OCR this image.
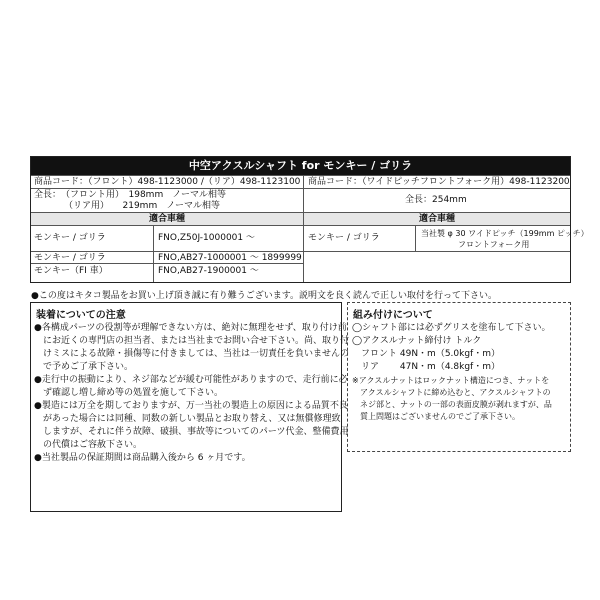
中空アクスルシャフト for モンキー / ゴリラ
商品コード：（フロント）498-1123000 /（リア）498-1123100 商品コード：（ワイドピッチフロントフォーク用）498-1123200
全長：　（フロント用）　198mm　ノーマル相等
（リア用）　　219mm　ノーマル相等
全長：254mm
適合車種	適合車種
モンキー / ゴリラ	FNO,Z50J-1000001 〜
モンキー / ゴリラ	FNO,AB27-1000001 〜 1899999
モンキー（FI 車）	FNO,AB27-1900001 〜
モンキー / ゴリラ	当社製 φ 30 ワイドピッチ（199mm ピッチ）
フロントフォーク用
●この度はキタコ製品をお買い上げ頂き誠に有り難うございます。説明文を良く読んで正しい取付を行って下さい。
装着についての注意
●各構成パーツの役割等が理解できない方は、絶対に無理をせず、取り付け前
　にお近くの専門店の担当者、または当社までお問い合せ下さい。尚、取り付
　けミスによる故障・損傷等に付きましては、当社は一切責任を負いませんの
　で予めご了承下さい。
●走行中の振動により、ネジ部などが緩む可能性がありますので、走行前に必
　ず確認し増し締め等の処置を施して下さい。
●製造には万全を期しておりますが、万一当社の製造上の原因による品質不良
　があった場合には同種、同数の新しい製品とお取り替え、又は無償修理致
　しますが、それに伴う故障、破損、事故等についてのパーツ代金、整備費用
　の代償はご容赦下さい。
●当社製品の保証期間は商品購入後から 6 ヶ月です。
組み付けについて
◯シャフト部には必ずグリスを塗布して下さい。
◯アクスルナット締付け トルク
　フロント 49N・m（5.0kgf・m）
　リア　　 47N・m（4.8kgf・m）
※アクスルナットはロックナット構造につき、ナットを
　アクスルシャフトに締め込むと、アクスルシャフトの
　ネジ部と、ナットの一部の表面皮膜が剥れますが、品
　質上問題はございませんのでご了承下さい。
